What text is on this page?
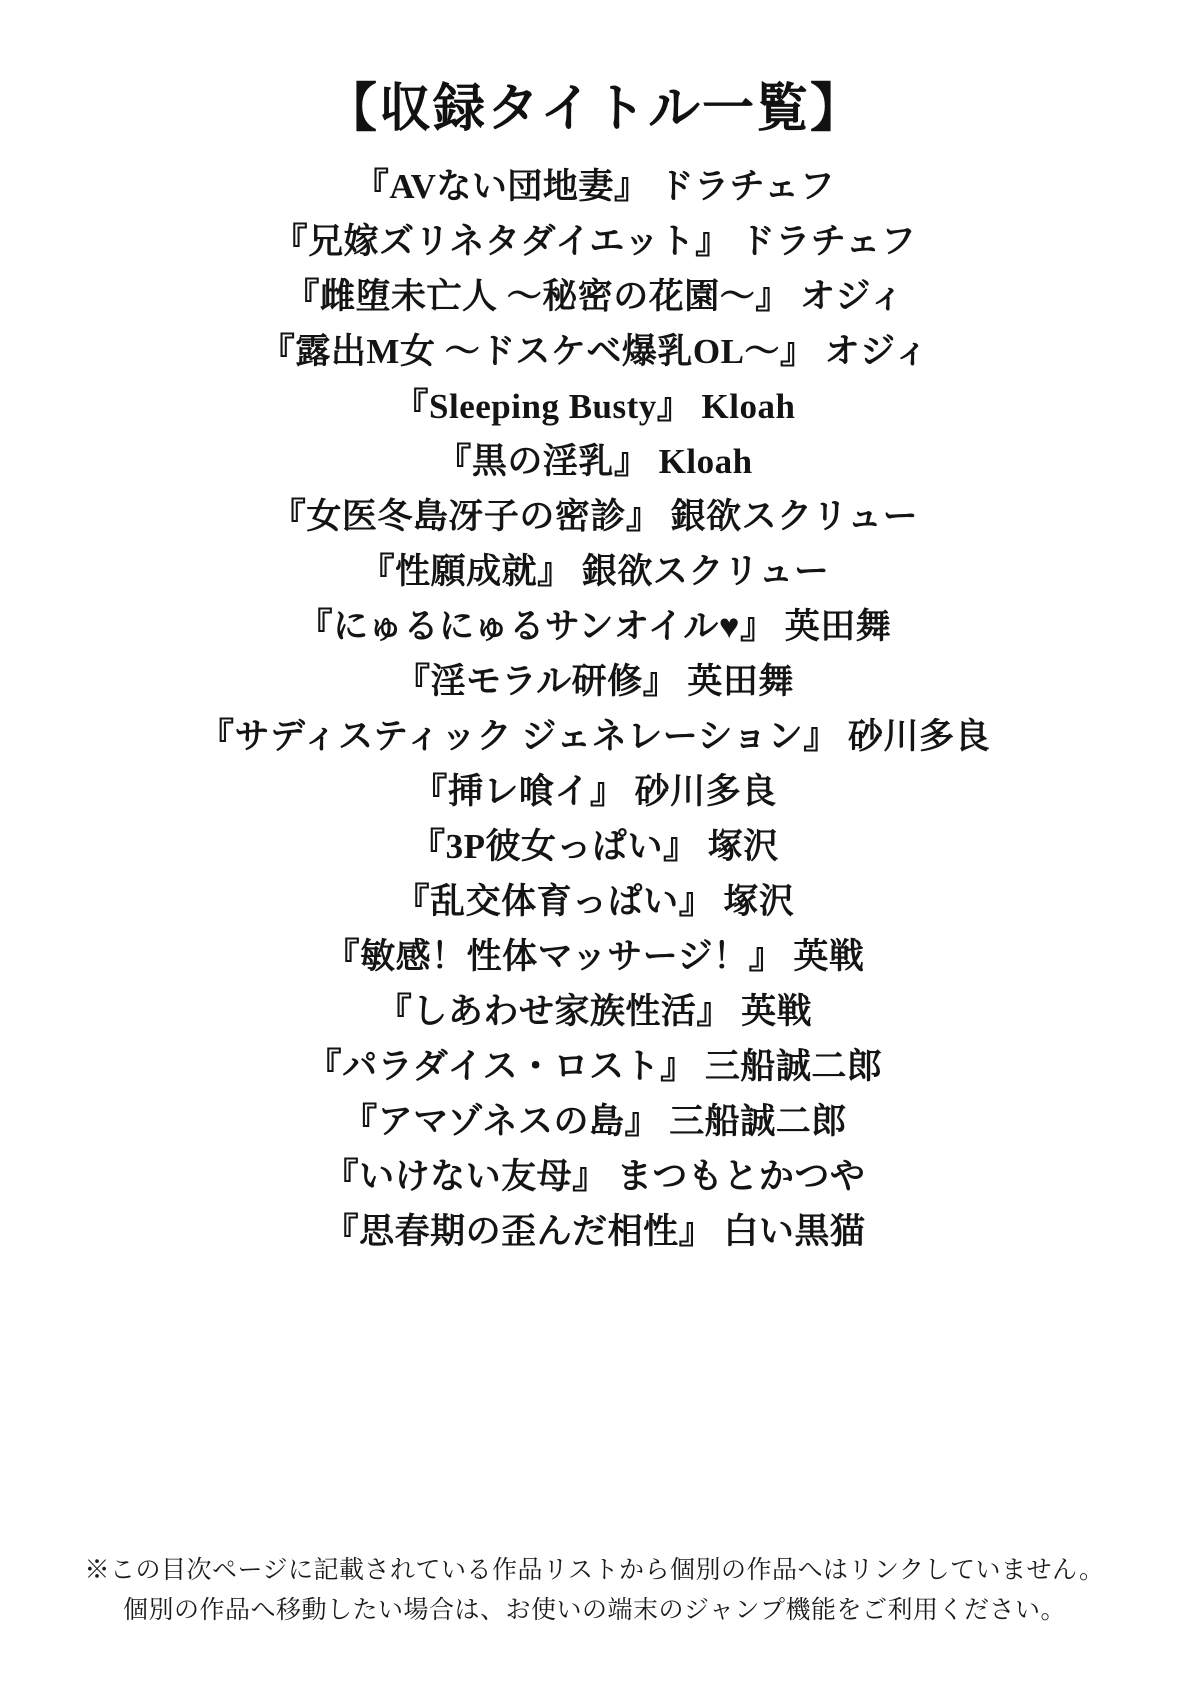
【収録タイトル一覧】
『AVない団地妻』 ドラチェフ
『兄嫁ズリネタダイエット』 ドラチェフ
『雌堕未亡人 ～秘密の花園～』 オジィ
『露出M女 ～ドスケベ爆乳OL～』 オジィ
『Sleeping Busty』 Kloah
『黒の淫乳』 Kloah
『女医冬島冴子の密診』 銀欲スクリュー
『性願成就』 銀欲スクリュー
『にゅるにゅるサンオイル♥』 英田舞
『淫モラル研修』 英田舞
『サディスティック ジェネレーション』 砂川多良
『挿レ喰イ』 砂川多良
『3P彼女っぱい』 塚沢
『乱交体育っぱい』 塚沢
『敏感！性体マッサージ！』 英戦
『しあわせ家族性活』 英戦
『パラダイス・ロスト』 三船誠二郎
『アマゾネスの島』 三船誠二郎
『いけない友母』 まつもとかつや
『思春期の歪んだ相性』 白い黒猫

※この目次ページに記載されている作品リストから個別の作品へはリンクしていません。

個別の作品へ移動したい場合は、お使いの端末のジャンプ機能をご利用ください。
